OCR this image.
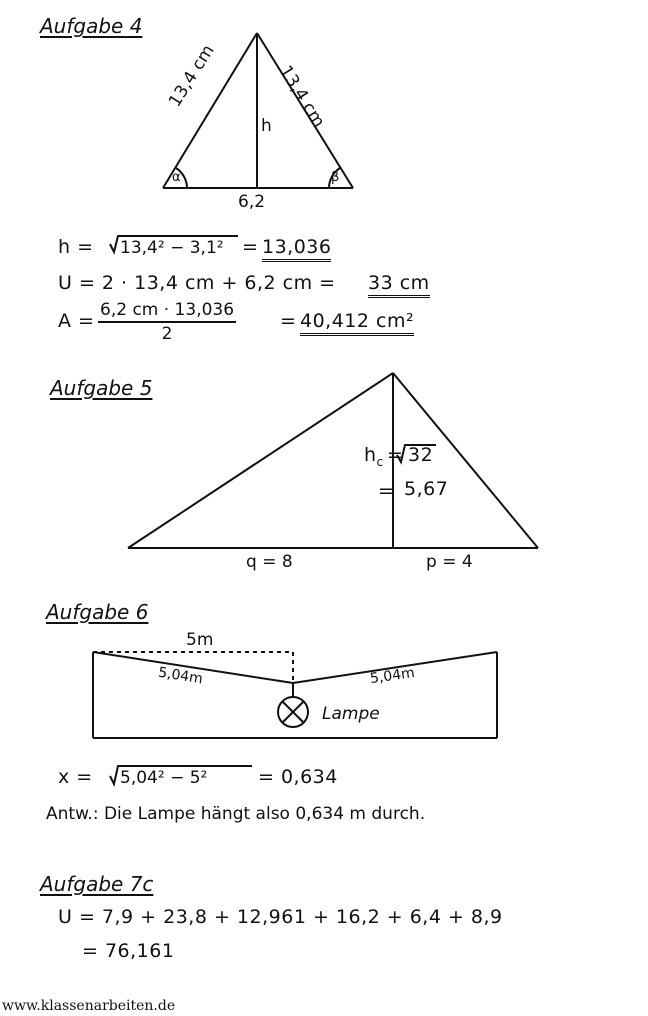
Aufgabe 4
13,4 cm	13,4 cm
h
α	β
6,2
h = 13,4² − 3,1² = 13,036
U = 2 · 13,4 cm + 6,2 cm = 33 cm
$A = \frac{6,2 cm \cdot 13,036}{2} = 40,412$ cm²
Aufgabe 5
$h_c = 32$
= 5,67
q = 8	p = 4
Aufgabe 6
5m
5,04m	5,04m
Lampe
x = 5,04² − 5²	= 0,634
Antw.: Die Lampe hängt also 0,634 m durch.
Aufgabe 7c
U = 7,9 + 23,8 + 12,961 + 16,2 + 6,4 + 8,9
= 76,161
www.klassenarbeiten.de
